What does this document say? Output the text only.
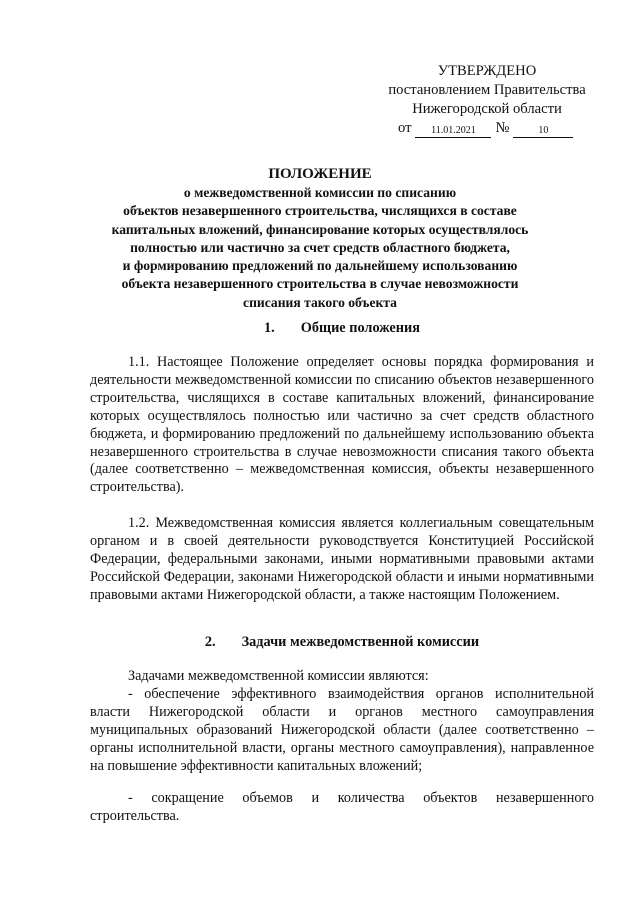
УТВЕРЖДЕНО
постановлением Правительства
Нижегородской области
от	11.01.2021	№	10
ПОЛОЖЕНИЕ
о межведомственной комиссии по списанию
объектов незавершенного строительства, числящихся в составе
капитальных вложений, финансирование которых осуществлялось
полностью или частично за счет средств областного бюджета,
и формированию предложений по дальнейшему использованию
объекта незавершенного строительства в случае невозможности
списания такого объекта
1. Общие положения
1.1. Настоящее Положение определяет основы порядка формирования и деятельности межведомственной комиссии по списанию объектов незавершенного строительства, числящихся в составе капитальных вложений, финансирование которых осуществлялось полностью или частично за счет средств областного бюджета, и формированию предложений по дальнейшему использованию объекта незавершенного строительства в случае невозможности списания такого объекта (далее соответственно – межведомственная комиссия, объекты незавершенного строительства).
1.2. Межведомственная комиссия является коллегиальным совещательным органом и в своей деятельности руководствуется Конституцией Российской Федерации, федеральными законами, иными нормативными правовыми актами Российской Федерации, законами Нижегородской области и иными нормативными правовыми актами Нижегородской области, а также настоящим Положением.
2. Задачи межведомственной комиссии
Задачами межведомственной комиссии являются:
- обеспечение эффективного взаимодействия органов исполнительной власти Нижегородской области и органов местного самоуправления муниципальных образований Нижегородской области (далее соответственно – органы исполнительной власти, органы местного самоуправления), направленное на повышение эффективности капитальных вложений;
- сокращение объемов и количества объектов незавершенного строительства.
